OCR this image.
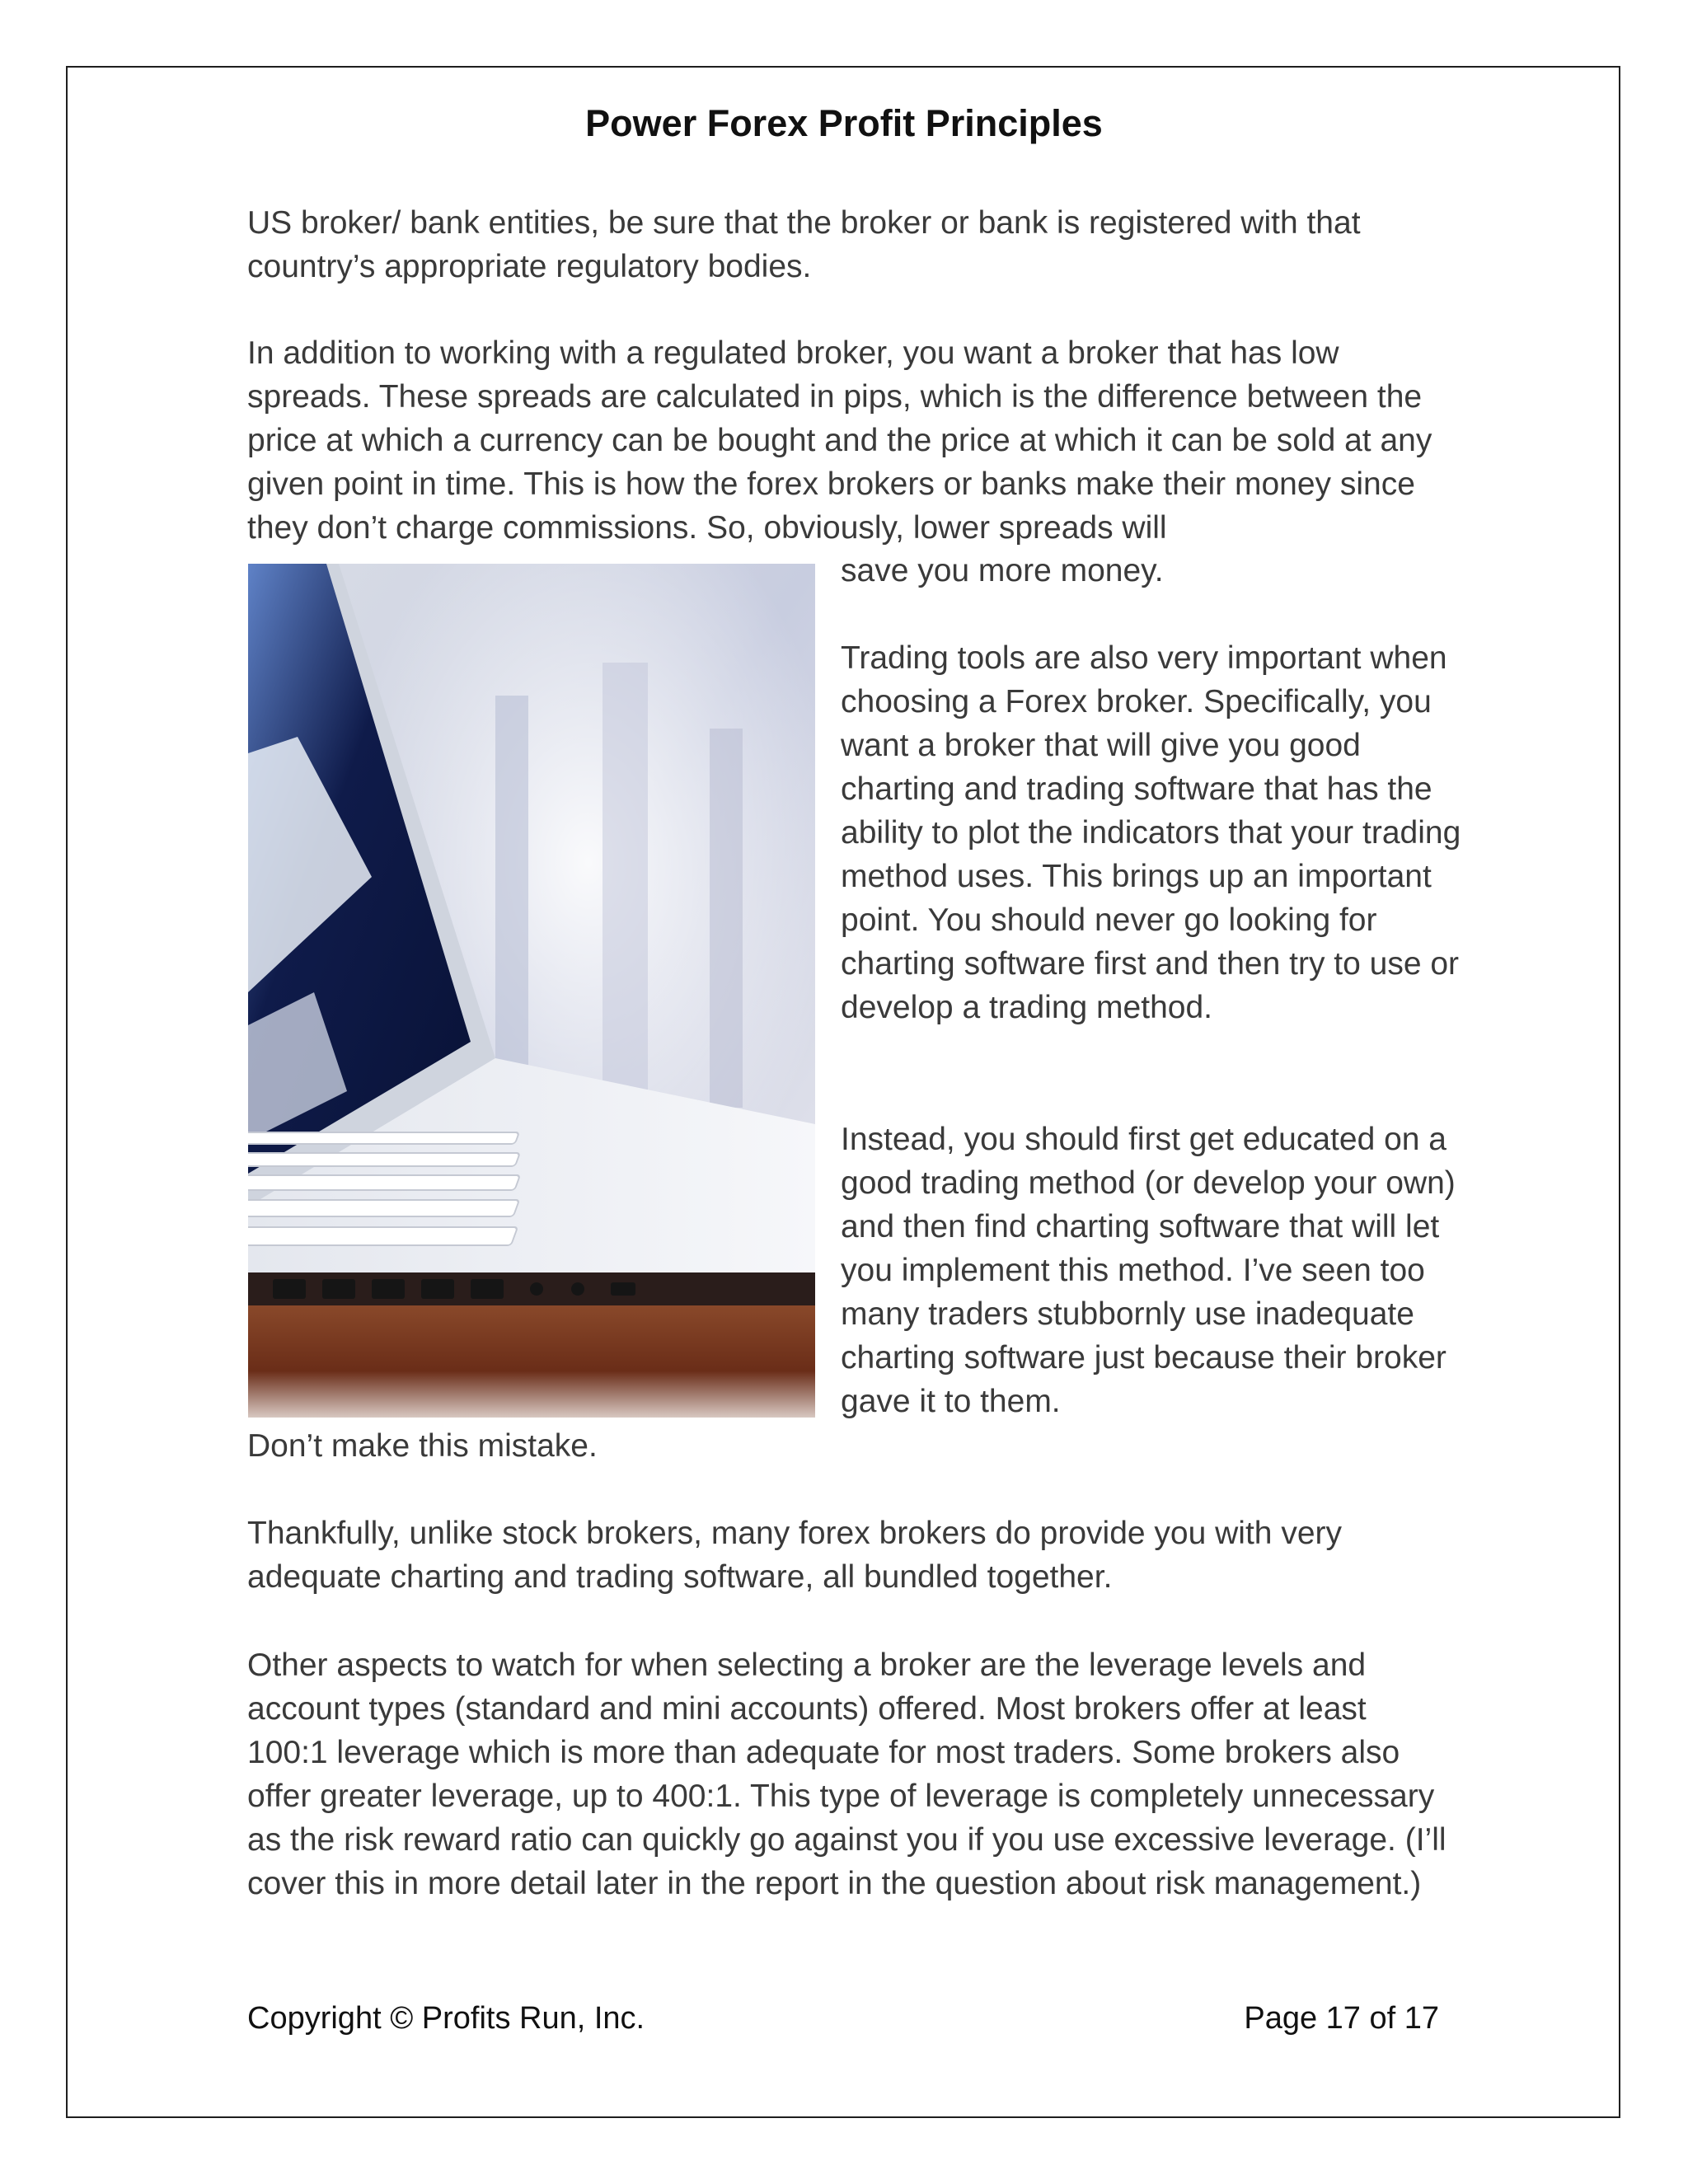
Power Forex Profit Principles

US broker/ bank entities, be sure that the broker or bank is registered with that country’s appropriate regulatory bodies.

In addition to working with a regulated broker, you want a broker that has low spreads. These spreads are calculated in pips, which is the difference between the price at which a currency can be bought and the price at which it can be sold at any given point in time. This is how the forex brokers or banks make their money since they don’t charge commissions. So, obviously, lower spreads will

save you more money.

Trading tools are also very important when choosing a Forex broker. Specifically, you want a broker that will give you good charting and trading software that has the ability to plot the indicators that your trading method uses. This brings up an important point. You should never go looking for charting software first and then try to use or develop a trading method.

Instead, you should first get educated on a good trading method (or develop your own) and then find charting software that will let you implement this method. I’ve seen too many traders stubbornly use inadequate charting software just because their broker gave it to them.

Don’t make this mistake.

Thankfully, unlike stock brokers, many forex brokers do provide you with very adequate charting and trading software, all bundled together.

Other aspects to watch for when selecting a broker are the leverage levels and account types (standard and mini accounts) offered. Most brokers offer at least 100:1 leverage which is more than adequate for most traders. Some brokers also offer greater leverage, up to 400:1. This type of leverage is completely unnecessary as the risk reward ratio can quickly go against you if you use excessive leverage. (I’ll cover this in more detail later in the report in the question about risk management.)

Copyright © Profits Run, Inc.	Page 17 of 17
